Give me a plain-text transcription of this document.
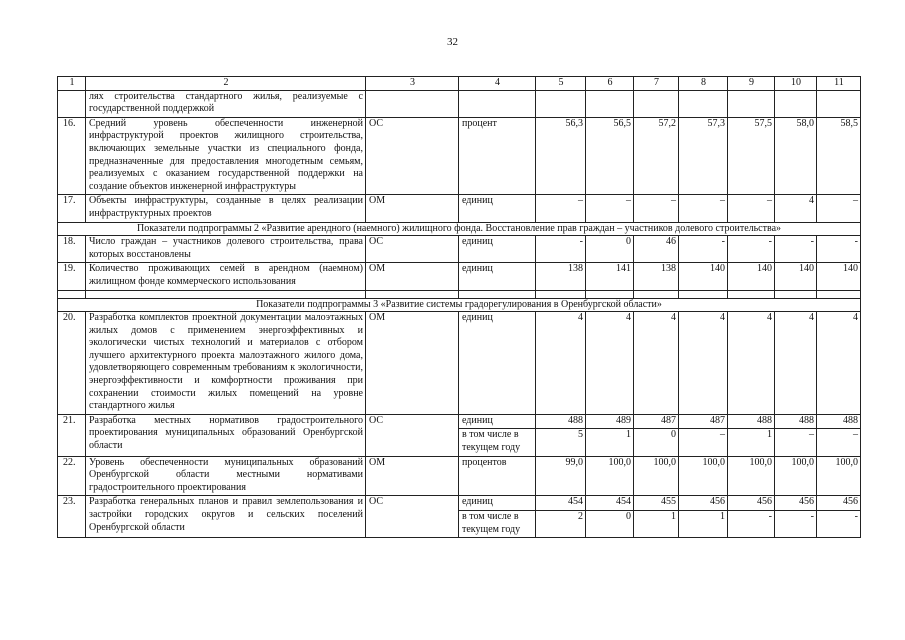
32
1	2	3	4	5	6	7	8	9	10	11
	лях строительства стандартного жилья, реализуемые с государственной поддержкой									
16.	Средний уровень обеспеченности инженерной инфраструктурой проектов жилищного строительства, включающих земельные участки из специального фонда, предназначенные для предоставления многодетным семьям, реализуемых с оказанием государственной поддержки на создание объектов инженерной инфраструктуры	ОС	процент	56,3	56,5	57,2	57,3	57,5	58,0	58,5
17.	Объекты инфраструктуры, созданные в целях реализации инфраструктурных проектов	ОМ	единиц	–	–	–	–	–	4	–
Показатели подпрограммы 2 «Развитие арендного (наемного) жилищного фонда. Восстановление прав граждан – участников долевого строительства»										
18.	Число граждан – участников долевого строительства, права которых восстановлены	ОС	единиц	-	0	46	-	-	-	-
19.	Количество проживающих семей в арендном (наемном) жилищном фонде коммерческого использования	ОМ	единиц	138	141	138	140	140	140	140

Показатели подпрограммы 3 «Развитие системы градорегулирования в Оренбургской области»										
20.	Разработка комплектов проектной документации малоэтажных жилых домов с применением энергоэффективных и экологически чистых технологий и материалов с отбором лучшего архитектурного проекта малоэтажного жилого дома, удовлетворяющего современным требованиям к экологичности, энергоэффективности и комфортности проживания при сохранении стоимости жилых помещений на уровне стандартного жилья	ОМ	единиц	4	4	4	4	4	4	4
21.	Разработка местных нормативов градостроительного проектирования муниципальных образований Оренбургской области	ОС	единиц	488	489	487	487	488	488	488
			в том числе в текущем году	5	1	0	–	1	–	–
22.	Уровень обеспеченности муниципальных образований Оренбургской области местными нормативами градостроительного проектирования	ОМ	процентов	99,0	100,0	100,0	100,0	100,0	100,0	100,0
23.	Разработка генеральных планов и правил землепользования и застройки городских округов и сельских поселений Оренбургской области	ОС	единиц	454	454	455	456	456	456	456
			в том числе в текущем году	2	0	1	1	-	-	-
